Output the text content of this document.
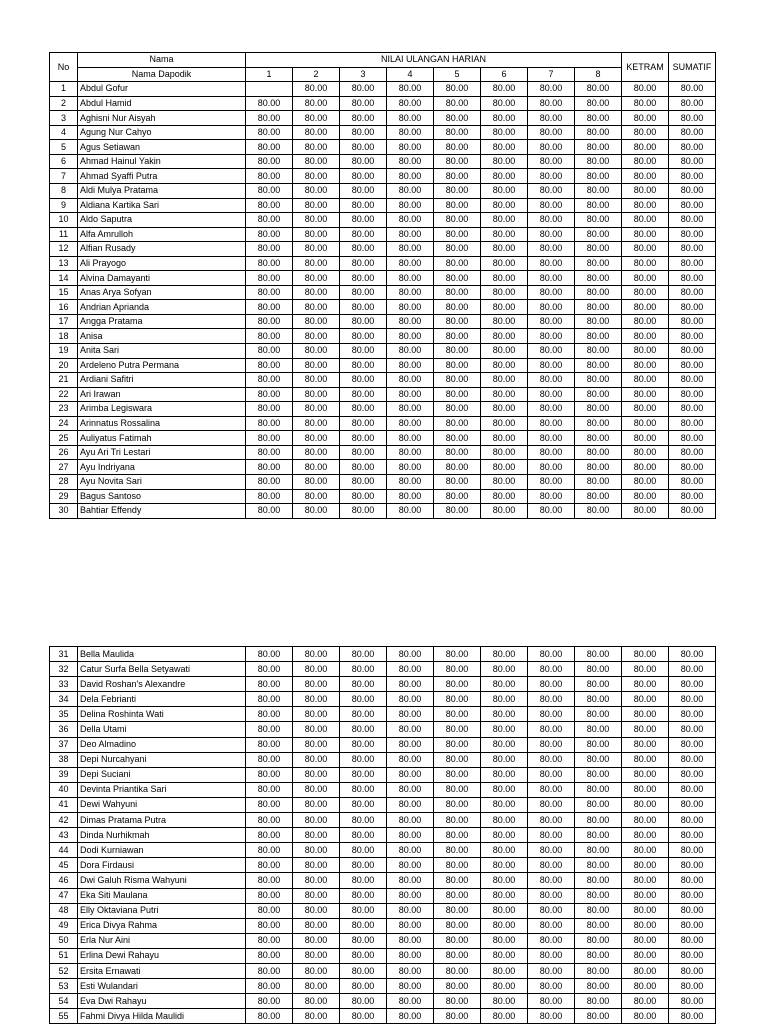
No	Nama	NILAI ULANGAN HARIAN								KETRAM	SUMATIF
	Nama Dapodik	1	2	3	4	5	6	7	8		
1	Abdul Gofur		80.00	80.00	80.00	80.00	80.00	80.00	80.00	80.00	80.00
2	Abdul Hamid	80.00	80.00	80.00	80.00	80.00	80.00	80.00	80.00	80.00	80.00
3	Aghisni Nur Aisyah	80.00	80.00	80.00	80.00	80.00	80.00	80.00	80.00	80.00	80.00
4	Agung Nur Cahyo	80.00	80.00	80.00	80.00	80.00	80.00	80.00	80.00	80.00	80.00
5	Agus Setiawan	80.00	80.00	80.00	80.00	80.00	80.00	80.00	80.00	80.00	80.00
6	Ahmad Hainul Yakin	80.00	80.00	80.00	80.00	80.00	80.00	80.00	80.00	80.00	80.00
7	Ahmad Syaffi Putra	80.00	80.00	80.00	80.00	80.00	80.00	80.00	80.00	80.00	80.00
8	Aldi Mulya Pratama	80.00	80.00	80.00	80.00	80.00	80.00	80.00	80.00	80.00	80.00
9	Aldiana Kartika Sari	80.00	80.00	80.00	80.00	80.00	80.00	80.00	80.00	80.00	80.00
10	Aldo Saputra	80.00	80.00	80.00	80.00	80.00	80.00	80.00	80.00	80.00	80.00
11	Alfa Amrulloh	80.00	80.00	80.00	80.00	80.00	80.00	80.00	80.00	80.00	80.00
12	Alfian Rusady	80.00	80.00	80.00	80.00	80.00	80.00	80.00	80.00	80.00	80.00
13	Ali Prayogo	80.00	80.00	80.00	80.00	80.00	80.00	80.00	80.00	80.00	80.00
14	Alvina Damayanti	80.00	80.00	80.00	80.00	80.00	80.00	80.00	80.00	80.00	80.00
15	Anas Arya Sofyan	80.00	80.00	80.00	80.00	80.00	80.00	80.00	80.00	80.00	80.00
16	Andrian Aprianda	80.00	80.00	80.00	80.00	80.00	80.00	80.00	80.00	80.00	80.00
17	Angga Pratama	80.00	80.00	80.00	80.00	80.00	80.00	80.00	80.00	80.00	80.00
18	Anisa	80.00	80.00	80.00	80.00	80.00	80.00	80.00	80.00	80.00	80.00
19	Anita Sari	80.00	80.00	80.00	80.00	80.00	80.00	80.00	80.00	80.00	80.00
20	Ardeleno Putra Permana	80.00	80.00	80.00	80.00	80.00	80.00	80.00	80.00	80.00	80.00
21	Ardiani Safitri	80.00	80.00	80.00	80.00	80.00	80.00	80.00	80.00	80.00	80.00
22	Ari Irawan	80.00	80.00	80.00	80.00	80.00	80.00	80.00	80.00	80.00	80.00
23	Arimba Legiswara	80.00	80.00	80.00	80.00	80.00	80.00	80.00	80.00	80.00	80.00
24	Arinnatus Rossalina	80.00	80.00	80.00	80.00	80.00	80.00	80.00	80.00	80.00	80.00
25	Auliyatus Fatimah	80.00	80.00	80.00	80.00	80.00	80.00	80.00	80.00	80.00	80.00
26	Ayu Ari Tri Lestari	80.00	80.00	80.00	80.00	80.00	80.00	80.00	80.00	80.00	80.00
27	Ayu Indriyana	80.00	80.00	80.00	80.00	80.00	80.00	80.00	80.00	80.00	80.00
28	Ayu Novita Sari	80.00	80.00	80.00	80.00	80.00	80.00	80.00	80.00	80.00	80.00
29	Bagus Santoso	80.00	80.00	80.00	80.00	80.00	80.00	80.00	80.00	80.00	80.00
30	Bahtiar Effendy	80.00	80.00	80.00	80.00	80.00	80.00	80.00	80.00	80.00	80.00
31	Bella Maulida	80.00	80.00	80.00	80.00	80.00	80.00	80.00	80.00	80.00	80.00
32	Catur Surfa Bella Setyawati	80.00	80.00	80.00	80.00	80.00	80.00	80.00	80.00	80.00	80.00
33	David Roshan's Alexandre	80.00	80.00	80.00	80.00	80.00	80.00	80.00	80.00	80.00	80.00
34	Dela Febrianti	80.00	80.00	80.00	80.00	80.00	80.00	80.00	80.00	80.00	80.00
35	Delina Roshinta Wati	80.00	80.00	80.00	80.00	80.00	80.00	80.00	80.00	80.00	80.00
36	Della Utami	80.00	80.00	80.00	80.00	80.00	80.00	80.00	80.00	80.00	80.00
37	Deo Almadino	80.00	80.00	80.00	80.00	80.00	80.00	80.00	80.00	80.00	80.00
38	Depi Nurcahyani	80.00	80.00	80.00	80.00	80.00	80.00	80.00	80.00	80.00	80.00
39	Depi Suciani	80.00	80.00	80.00	80.00	80.00	80.00	80.00	80.00	80.00	80.00
40	Devinta Priantika Sari	80.00	80.00	80.00	80.00	80.00	80.00	80.00	80.00	80.00	80.00
41	Dewi Wahyuni	80.00	80.00	80.00	80.00	80.00	80.00	80.00	80.00	80.00	80.00
42	Dimas Pratama Putra	80.00	80.00	80.00	80.00	80.00	80.00	80.00	80.00	80.00	80.00
43	Dinda Nurhikmah	80.00	80.00	80.00	80.00	80.00	80.00	80.00	80.00	80.00	80.00
44	Dodi Kurniawan	80.00	80.00	80.00	80.00	80.00	80.00	80.00	80.00	80.00	80.00
45	Dora Firdausi	80.00	80.00	80.00	80.00	80.00	80.00	80.00	80.00	80.00	80.00
46	Dwi Galuh Risma Wahyuni	80.00	80.00	80.00	80.00	80.00	80.00	80.00	80.00	80.00	80.00
47	Eka Siti Maulana	80.00	80.00	80.00	80.00	80.00	80.00	80.00	80.00	80.00	80.00
48	Elly Oktaviana Putri	80.00	80.00	80.00	80.00	80.00	80.00	80.00	80.00	80.00	80.00
49	Erica Divya Rahma	80.00	80.00	80.00	80.00	80.00	80.00	80.00	80.00	80.00	80.00
50	Erla Nur Aini	80.00	80.00	80.00	80.00	80.00	80.00	80.00	80.00	80.00	80.00
51	Erlina Dewi Rahayu	80.00	80.00	80.00	80.00	80.00	80.00	80.00	80.00	80.00	80.00
52	Ersita Ernawati	80.00	80.00	80.00	80.00	80.00	80.00	80.00	80.00	80.00	80.00
53	Esti Wulandari	80.00	80.00	80.00	80.00	80.00	80.00	80.00	80.00	80.00	80.00
54	Eva Dwi Rahayu	80.00	80.00	80.00	80.00	80.00	80.00	80.00	80.00	80.00	80.00
55	Fahmi Divya Hilda Maulidi	80.00	80.00	80.00	80.00	80.00	80.00	80.00	80.00	80.00	80.00
